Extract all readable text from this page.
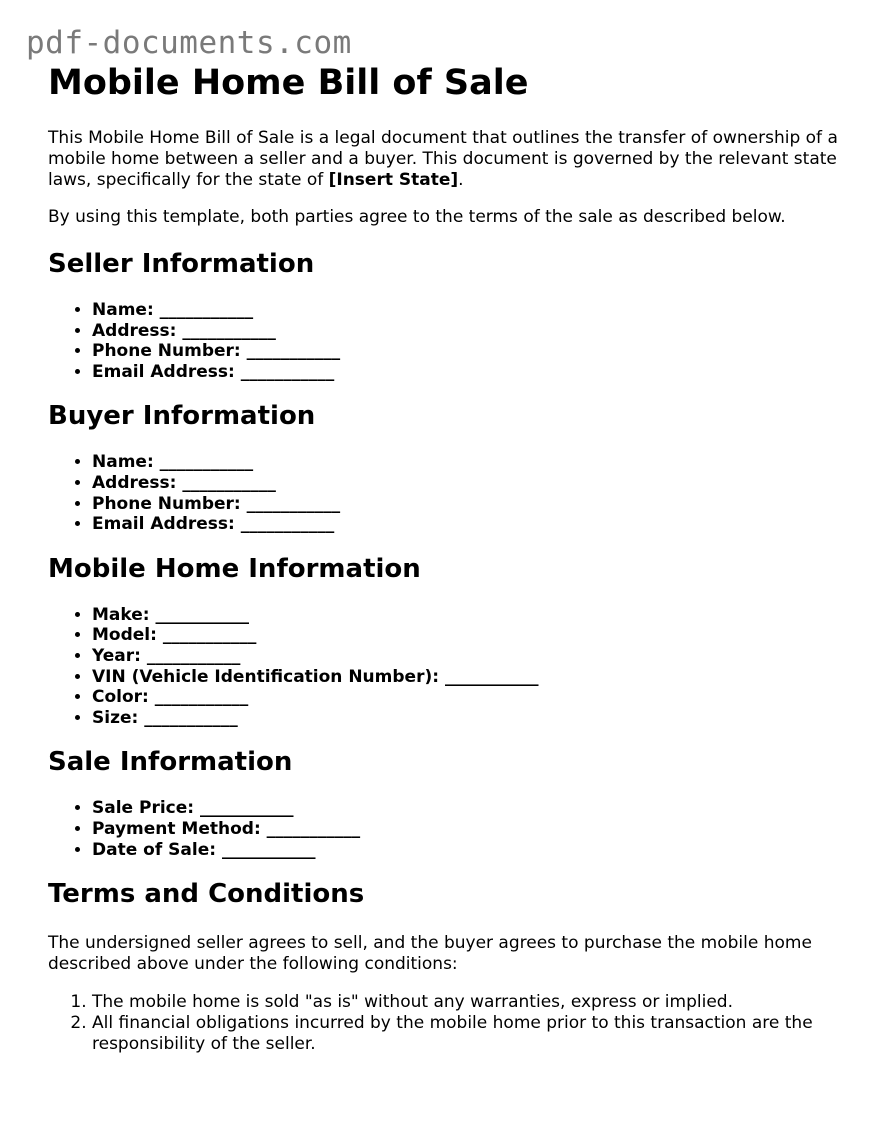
pdf-documents.com
Mobile Home Bill of Sale

This Mobile Home Bill of Sale is a legal document that outlines the transfer of ownership of a mobile home between a seller and a buyer. This document is governed by the relevant state laws, specifically for the state of [Insert State].

By using this template, both parties agree to the terms of the sale as described below.

Seller Information
• Name: ___________
• Address: ___________
• Phone Number: ___________
• Email Address: ___________
Buyer Information
• Name: ___________
• Address: ___________
• Phone Number: ___________
• Email Address: ___________
Mobile Home Information
• Make: ___________
• Model: ___________
• Year: ___________
• VIN (Vehicle Identification Number): ___________
• Color: ___________
• Size: ___________
Sale Information
• Sale Price: ___________
• Payment Method: ___________
• Date of Sale: ___________
Terms and Conditions

The undersigned seller agrees to sell, and the buyer agrees to purchase the mobile home described above under the following conditions:

1. The mobile home is sold "as is" without any warranties, express or implied.
2. All financial obligations incurred by the mobile home prior to this transaction are the responsibility of the seller.
